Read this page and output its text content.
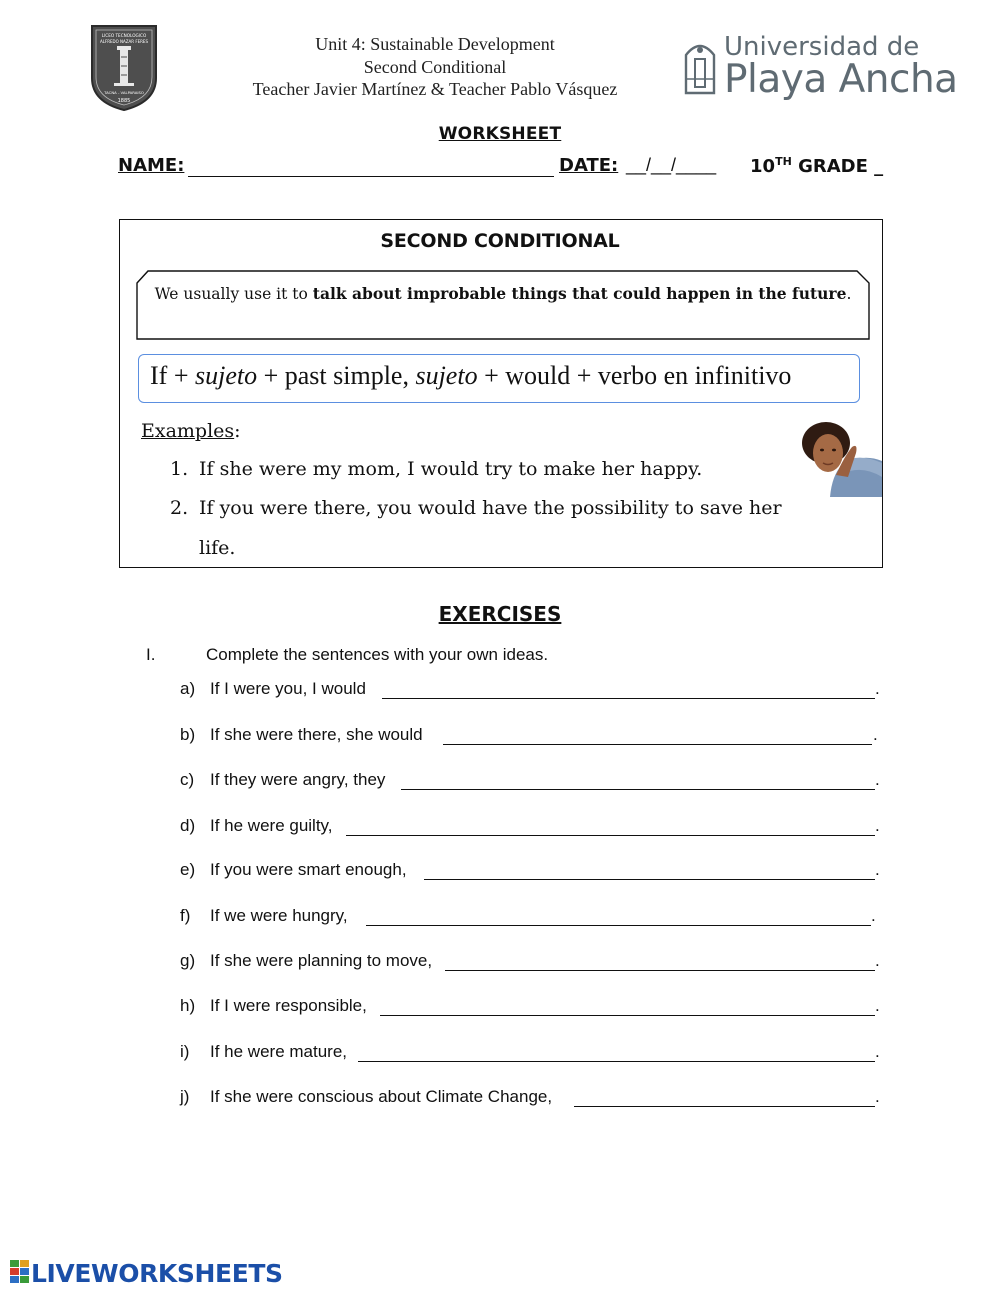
LICEO TECNOLOGICO
ALFREDO NAZAR FERES
TACNA - VALPARAISO
1885
Unit 4: Sustainable Development
Second Conditional
Teacher Javier Martínez & Teacher Pablo Vásquez
Universidad de
Playa Ancha
WORKSHEET
NAME:	DATE: __/__/____ 10TH GRADE _
SECOND CONDITIONAL
We usually use it to talk about improbable things that could happen in the future.
If + sujeto + past simple, sujeto + would + verbo en infinitivo
Examples:
1. If she were my mom, I would try to make her happy.
2. If you were there, you would have the possibility to save her
life.
EXERCISES
I.	Complete the sentences with your own ideas.
a) If I were you, I would	.
b) If she were there, she would	.
c) If they were angry, they	.
d) If he were guilty,	.
e) If you were smart enough,	.
f) If we were hungry,	.
g) If she were planning to move,	.
h) If I were responsible,	.
i) If he were mature,	.
j) If she were conscious about Climate Change,	.
LIVEWORKSHEETS
